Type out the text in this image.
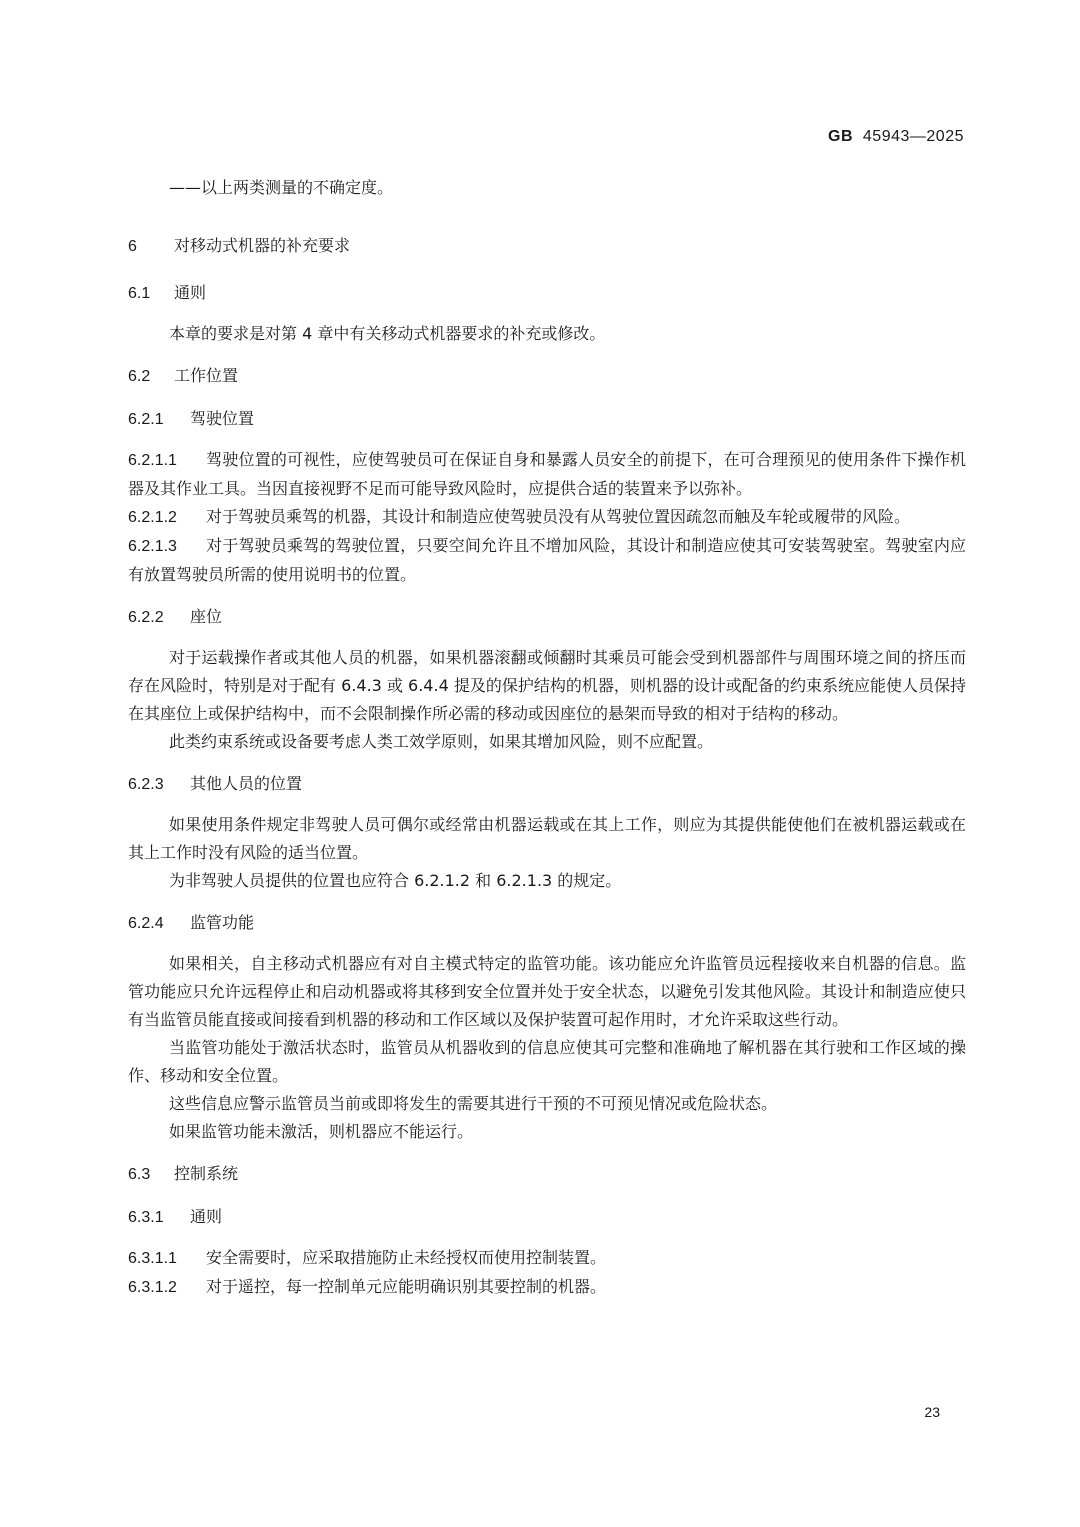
GB 45943—2025
——以上两类测量的不确定度。
6 对移动式机器的补充要求
6.1 通则
本章的要求是对第 4 章中有关移动式机器要求的补充或修改。
6.2 工作位置
6.2.1 驾驶位置
6.2.1.1 驾驶位置的可视性，应使驾驶员可在保证自身和暴露人员安全的前提下，在可合理预见的使用条件下操作机器及其作业工具。当因直接视野不足而可能导致风险时，应提供合适的装置来予以弥补。
6.2.1.2 对于驾驶员乘驾的机器，其设计和制造应使驾驶员没有从驾驶位置因疏忽而触及车轮或履带的风险。
6.2.1.3 对于驾驶员乘驾的驾驶位置，只要空间允许且不增加风险，其设计和制造应使其可安装驾驶室。驾驶室内应有放置驾驶员所需的使用说明书的位置。
6.2.2 座位
对于运载操作者或其他人员的机器，如果机器滚翻或倾翻时其乘员可能会受到机器部件与周围环境之间的挤压而存在风险时，特别是对于配有 6.4.3 或 6.4.4 提及的保护结构的机器，则机器的设计或配备的约束系统应能使人员保持在其座位上或保护结构中，而不会限制操作所必需的移动或因座位的悬架而导致的相对于结构的移动。
此类约束系统或设备要考虑人类工效学原则，如果其增加风险，则不应配置。
6.2.3 其他人员的位置
如果使用条件规定非驾驶人员可偶尔或经常由机器运载或在其上工作，则应为其提供能使他们在被机器运载或在其上工作时没有风险的适当位置。
为非驾驶人员提供的位置也应符合 6.2.1.2 和 6.2.1.3 的规定。
6.2.4 监管功能
如果相关，自主移动式机器应有对自主模式特定的监管功能。该功能应允许监管员远程接收来自机器的信息。监管功能应只允许远程停止和启动机器或将其移到安全位置并处于安全状态，以避免引发其他风险。其设计和制造应使只有当监管员能直接或间接看到机器的移动和工作区域以及保护装置可起作用时，才允许采取这些行动。
当监管功能处于激活状态时，监管员从机器收到的信息应使其可完整和准确地了解机器在其行驶和工作区域的操作、移动和安全位置。
这些信息应警示监管员当前或即将发生的需要其进行干预的不可预见情况或危险状态。
如果监管功能未激活，则机器应不能运行。
6.3 控制系统
6.3.1 通则
6.3.1.1 安全需要时，应采取措施防止未经授权而使用控制装置。
6.3.1.2 对于遥控，每一控制单元应能明确识别其要控制的机器。
23
